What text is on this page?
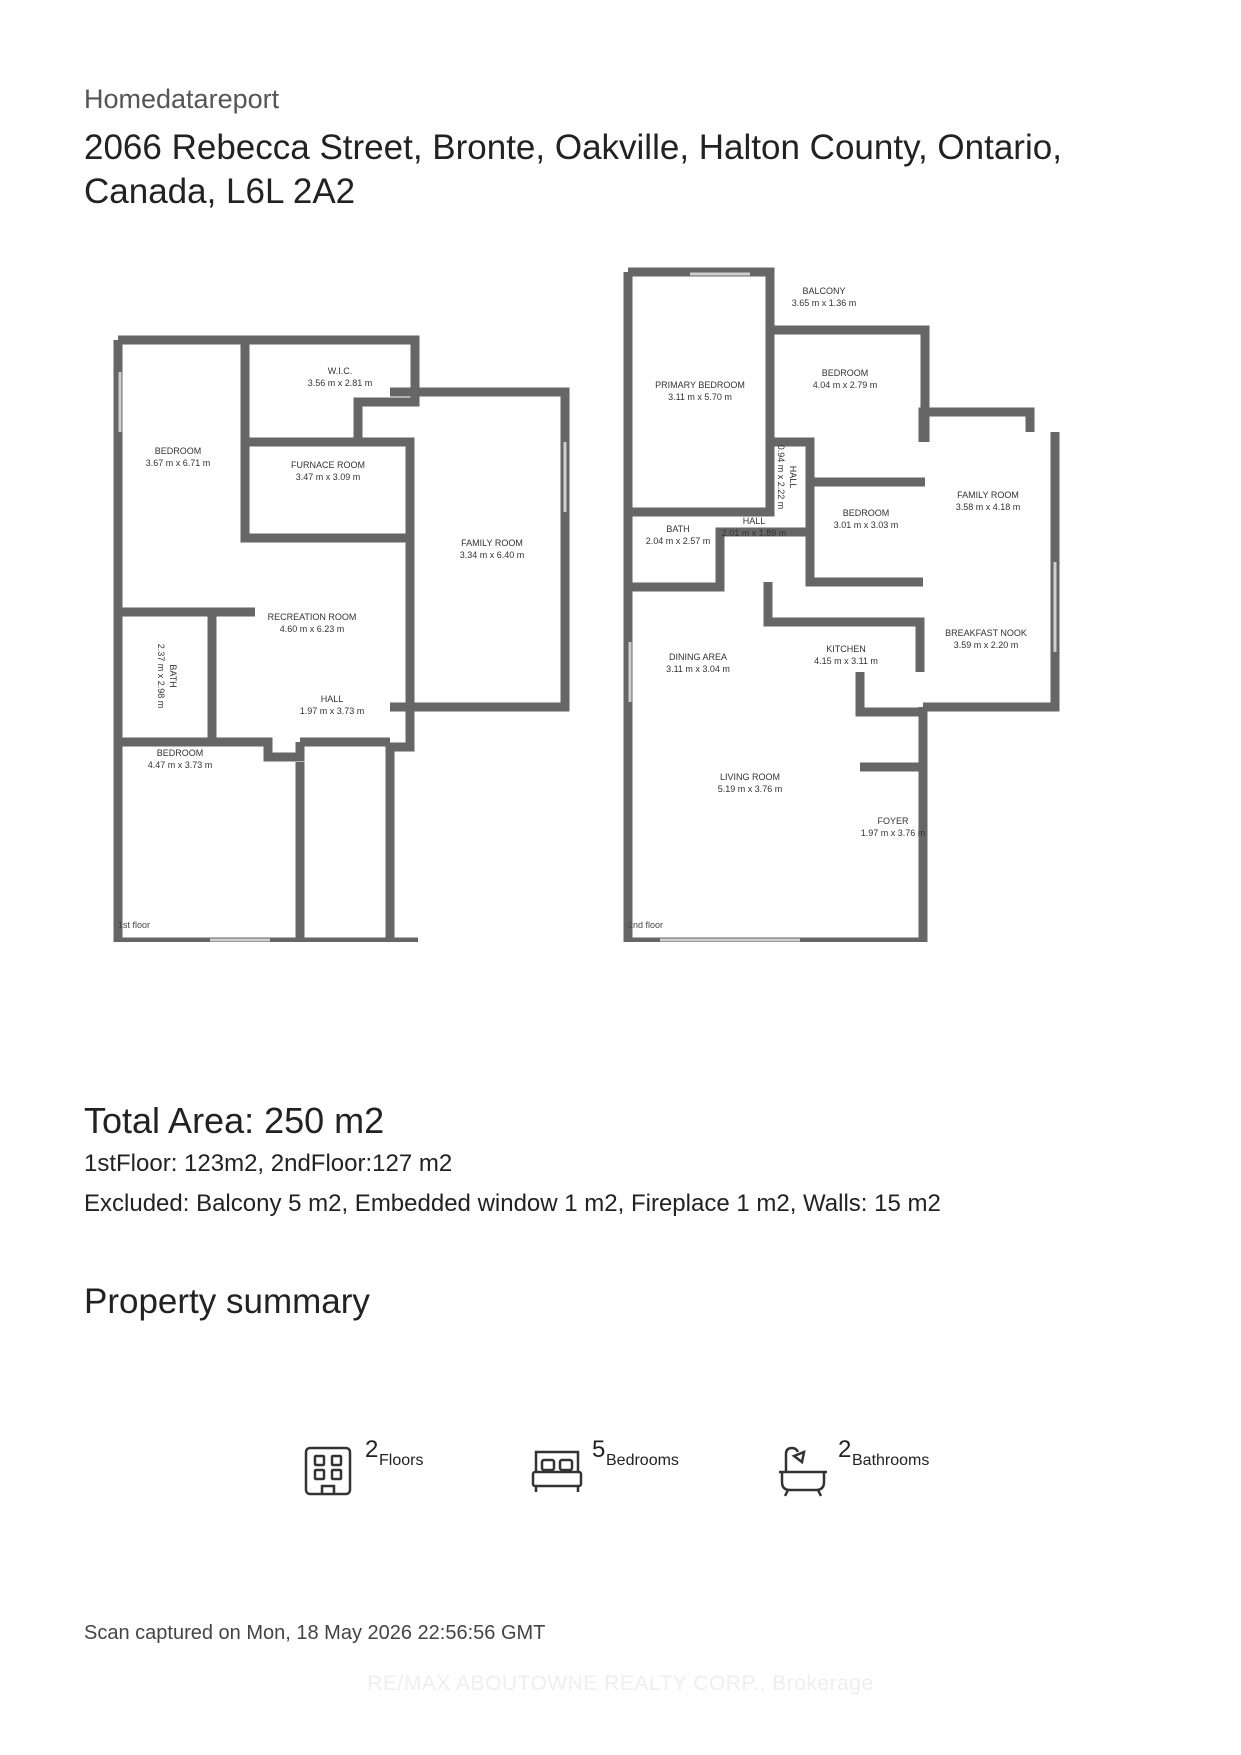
Homedatareport
2066 Rebecca Street, Bronte, Oakville, Halton County, Ontario, Canada, L6L 2A2
W.I.C.
3.56 m x 2.81 m
BEDROOM
3.67 m x 6.71 m	FURNACE ROOM
3.47 m x 3.09 m
FAMILY ROOM
3.34 m x 6.40 m
RECREATION ROOM
4.60 m x 6.23 m
BATH
2.37 m x 2.98 m	HALL
1.97 m x 3.73 m
BEDROOM
4.47 m x 3.73 m
BALCONY
3.65 m x 1.36 m
PRIMARY BEDROOM
3.11 m x 5.70 m
BEDROOM
4.04 m x 2.79 m
HALL
0.94 m x 2.22 m
BEDROOM
3.01 m x 3.03 m
FAMILY ROOM
3.58 m x 4.18 m
BATH
2.04 m x 2.57 m
HALL
2.01 m x 1.89 m
BREAKFAST NOOK
3.59 m x 2.20 m
DINING AREA
3.11 m x 3.04 m
KITCHEN
4.15 m x 3.11 m
LIVING ROOM
5.19 m x 3.76 m
FOYER
1.97 m x 3.76 m
1st floor	2nd floor
Total Area: 250 m2
1stFloor: 123m2, 2ndFloor:127 m2
Excluded: Balcony 5 m2, Embedded window 1 m2, Fireplace 1 m2, Walls: 15 m2
Property summary
2 Floors	5 Bedrooms	2 Bathrooms
Scan captured on Mon, 18 May 2026 22:56:56 GMT
RE/MAX ABOUTOWNE REALTY CORP., Brokerage
